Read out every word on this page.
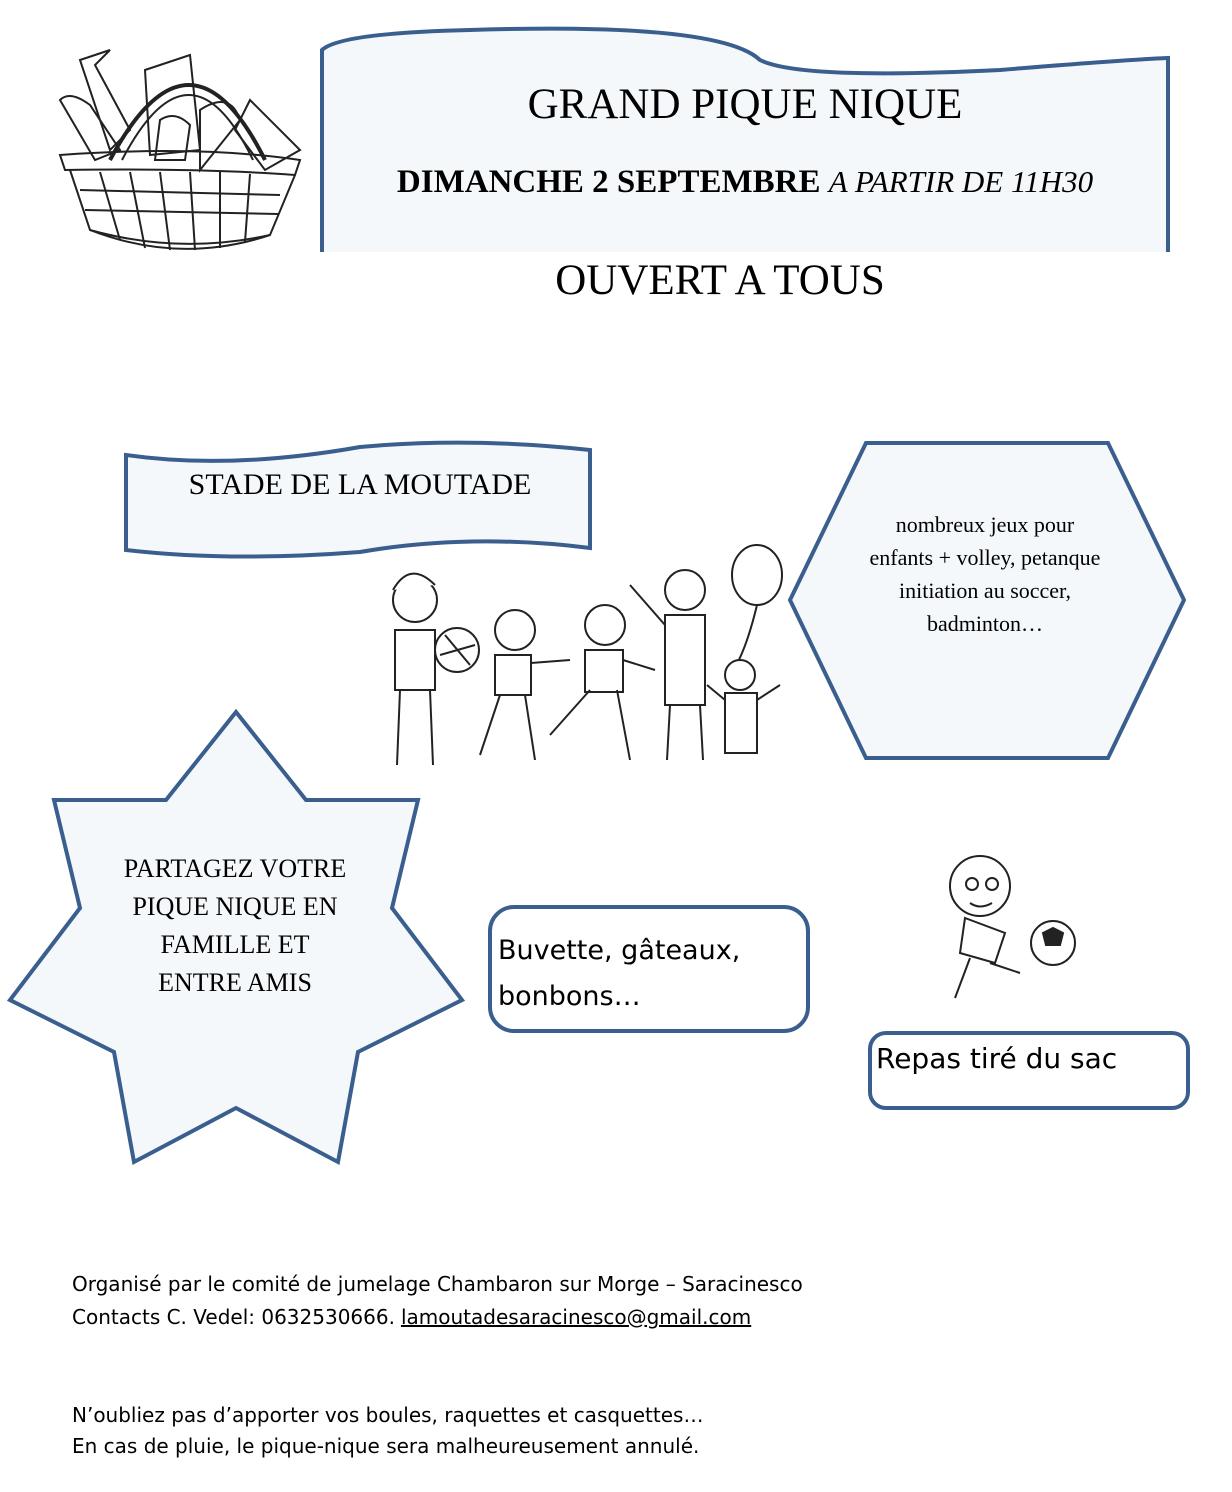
GRAND PIQUE NIQUE
DIMANCHE 2 SEPTEMBRE A PARTIR DE 11H30
OUVERT A TOUS
STADE DE LA MOUTADE
nombreux jeux pour
enfants + volley, petanque
initiation au soccer,
badminton…
PARTAGEZ VOTRE
PIQUE NIQUE EN
FAMILLE ET
ENTRE AMIS
Buvette, gâteaux,
bonbons…
Repas tiré du sac
Organisé par le comité de jumelage Chambaron sur Morge – Saracinesco
Contacts C. Vedel: 0632530666. lamoutadesaracinesco@gmail.com
N’oubliez pas d’apporter vos boules, raquettes et casquettes…
En cas de pluie, le pique-nique sera malheureusement annulé.
